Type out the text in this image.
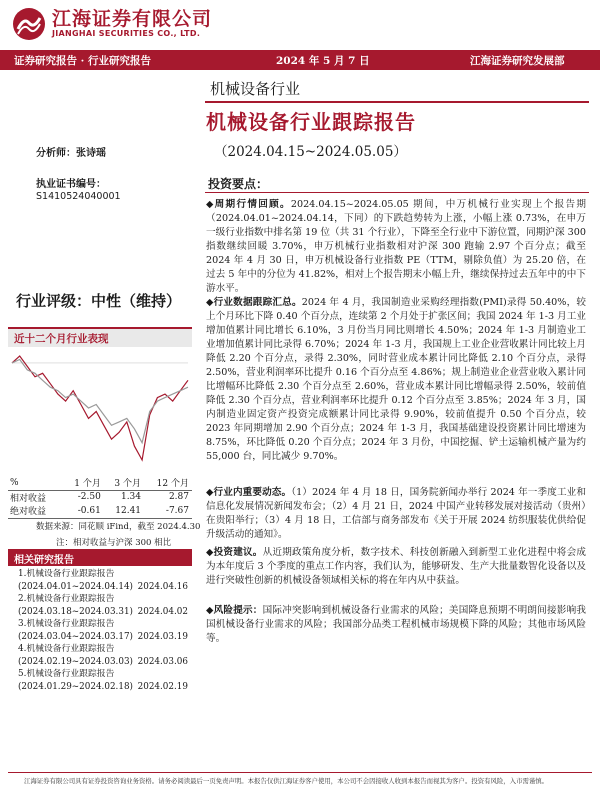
江海证券有限公司
JIANGHAI SECURITIES CO., LTD.
证券研究报告 · 行业研究报告	2024 年 5 月 7 日	江海证券研究发展部
分析师：张诗瑶
执业证书编号：
S1410524040001
行业评级：中性（维持）
近十二个月行业表现
%	1 个月	3 个月	12 个月
相对收益	-2.50	1.34	2.87
绝对收益	-0.61	12.41	-7.67
数据来源：同花顺 iFind，截至 2024.4.30
注：相对收益与沪深 300 相比
相关研究报告
1.机械设备行业跟踪报告
(2024.04.01~2024.04.14) 2024.04.16
2.机械设备行业跟踪报告
(2024.03.18~2024.03.31) 2024.04.02
3.机械设备行业跟踪报告
(2024.03.04~2024.03.17) 2024.03.19
4.机械设备行业跟踪报告
(2024.02.19~2024.03.03) 2024.03.06
5.机械设备行业跟踪报告
(2024.01.29~2024.02.18) 2024.02.19
机械设备行业
机械设备行业跟踪报告
（2024.04.15~2024.05.05）
投资要点：
◆周期行情回顾。2024.04.15~2024.05.05 期间，中万机械行业实现上个报告期（2024.04.01~2024.04.14，下同）的下跌趋势转为上涨，小幅上涨 0.73%，在申万一级行业指数中排名第 19 位（共 31 个行业），下降至全行业中下游位置，同期沪深 300 指数继续回暖 3.70%，申万机械行业指数相对沪深 300 跑输 2.97 个百分点；截至 2024 年 4 月 30 日，申万机械设备行业指数 PE（TTM，剔除负值）为 25.20 倍，在过去 5 年中的分位为 41.82%，相对上个报告期末小幅上升，继续保持过去五年中的中下游水平。
◆行业数据跟踪汇总。2024 年 4 月，我国制造业采购经理指数(PMI)录得 50.40%，较上个月环比下降 0.40 个百分点，连续第 2 个月处于扩张区间；我国 2024 年 1-3 月工业增加值累计同比增长 6.10%，3 月份当月同比则增长 4.50%；2024 年 1-3 月制造业工业增加值累计同比录得 6.70%；2024 年 1-3 月，我国规上工业企业营收累计同比较上月降低 2.20 个百分点，录得 2.30%，同时营业成本累计同比降低 2.10 个百分点，录得 2.50%，营业利润率环比提升 0.16 个百分点至 4.86%；规上制造业企业营业收入累计同比增幅环比降低 2.30 个百分点至 2.60%，营业成本累计同比增幅录得 2.50%，较前值降低 2.30 个百分点，营业利润率环比提升 0.12 个百分点至 3.85%；2024 年 3 月，国内制造业固定资产投资完成额累计同比录得 9.90%，较前值提升 0.50 个百分点，较 2023 年同期增加 2.90 个百分点；2024 年 1-3 月，我国基础建设投资累计同比增速为 8.75%，环比降低 0.20 个百分点；2024 年 3 月份，中国挖掘、铲土运输机械产量为约 55,000 台，同比减少 9.70%。
◆行业内重要动态。（1）2024 年 4 月 18 日，国务院新闻办举行 2024 年一季度工业和信息化发展情况新闻发布会；（2）4 月 21 日，2024 中国产业转移发展对接活动（贵州）在贵阳举行；（3）4 月 18 日，工信部与商务部发布《关于开展 2024 纺织服装优供给促升级活动的通知》。
◆投资建议。从近期政策角度分析，数字技术、科技创新融入到新型工业化进程中将会成为本年度后 3 个季度的重点工作内容，我们认为，能够研发、生产大批量数智化设备以及进行突破性创新的机械设备领域相关标的将在年内从中获益。
◆风险提示：国际冲突影响到机械设备行业需求的风险；美国降息预期不明朗间接影响我国机械设备行业需求的风险；我国部分品类工程机械市场规模下降的风险；其他市场风险等。
江海证券有限公司具有证券投资咨询业务资格。请务必阅读最后一页免责声明。本报告仅供江海证券客户使用，本公司不会因接收人收到本报告而视其为客户。投资有风险，入市需谨慎。
